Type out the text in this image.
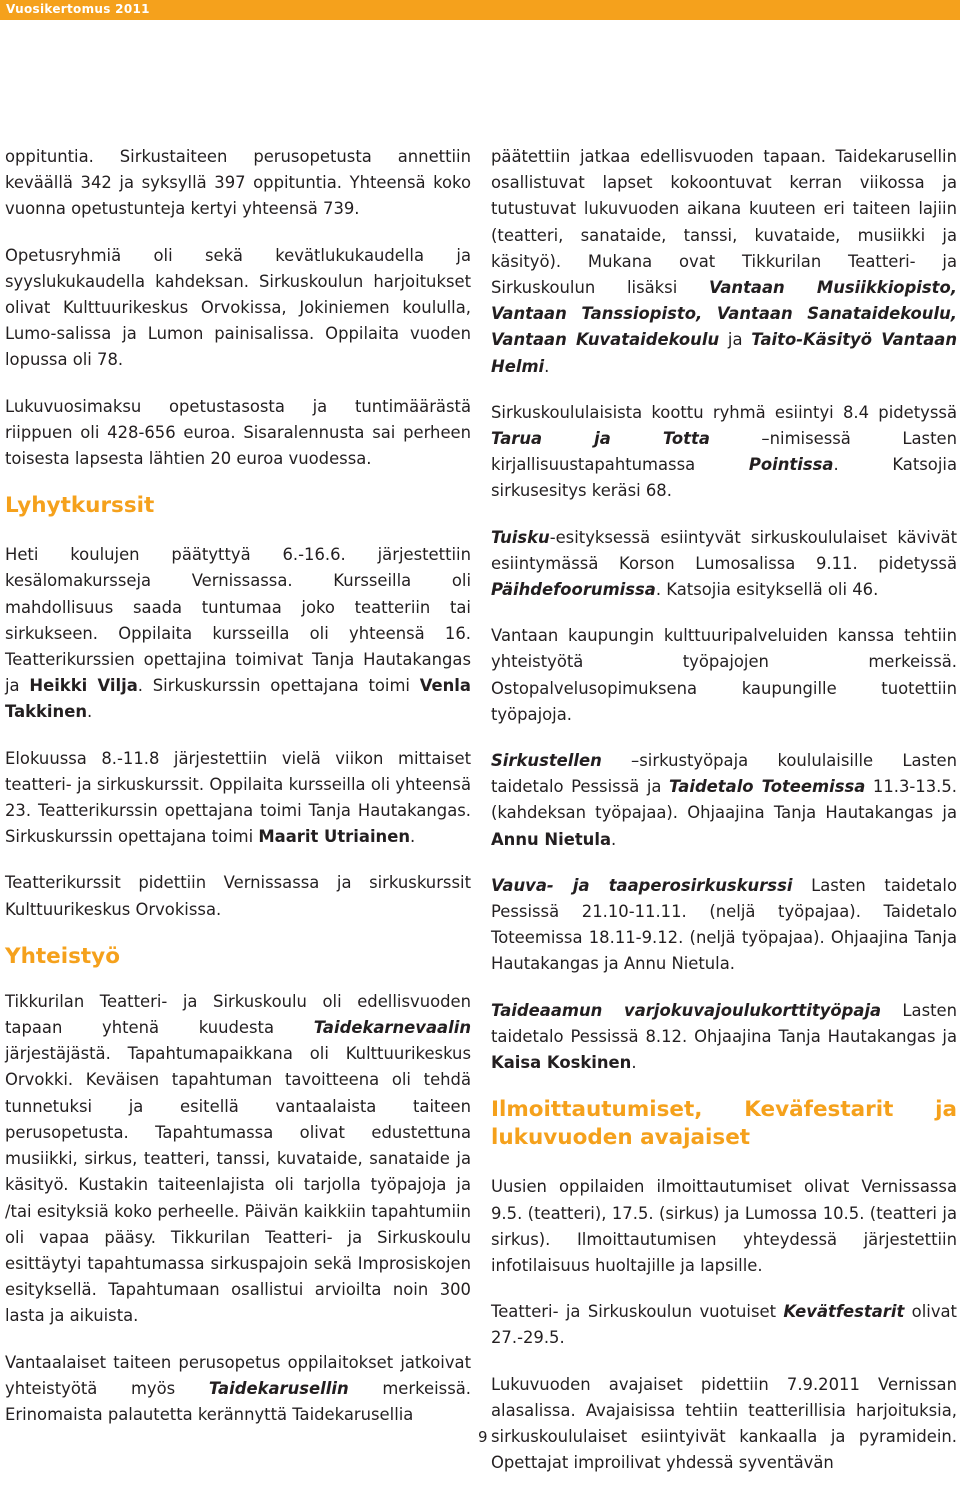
Vuosikertomus 2011

oppituntia. Sirkustaiteen perusopetusta annettiin keväällä 342 ja syksyllä 397 oppituntia. Yhteensä koko vuonna opetustunteja kertyi yhteensä 739.

Opetusryhmiä oli sekä kevätlukukaudella ja syyslukukaudella kahdeksan. Sirkuskoulun harjoitukset olivat Kulttuurikeskus Orvokissa, Jokiniemen koululla, Lumo-salissa ja Lumon painisalissa. Oppilaita vuoden lopussa oli 78.

Lukuvuosimaksu opetustasosta ja tuntimäärästä riippuen oli 428-656 euroa. Sisaralennusta sai perheen toisesta lapsesta lähtien 20 euroa vuodessa.

Lyhytkurssit

Heti koulujen päätyttyä 6.-16.6. järjestettiin kesälomakursseja Vernissassa. Kursseilla oli mahdollisuus saada tuntumaa joko teatteriin tai sirkukseen. Oppilaita kursseilla oli yhteensä 16. Teatterikurssien opettajina toimivat Tanja Hautakangas ja Heikki Vilja. Sirkuskurssin opettajana toimi Venla Takkinen.

Elokuussa 8.-11.8 järjestettiin vielä viikon mittaiset teatteri- ja sirkuskurssit. Oppilaita kursseilla oli yhteensä 23. Teatterikurssin opettajana toimi Tanja Hautakangas. Sirkuskurssin opettajana toimi Maarit Utriainen.

Teatterikurssit pidettiin Vernissassa ja sirkuskurssit Kulttuurikeskus Orvokissa.

Yhteistyö

Tikkurilan Teatteri- ja Sirkuskoulu oli edellisvuoden tapaan yhtenä kuudesta Taidekarnevaalin järjestäjästä. Tapahtumapaikkana oli Kulttuurikeskus Orvokki. Keväisen tapahtuman tavoitteena oli tehdä tunnetuksi ja esitellä vantaalaista taiteen perusopetusta. Tapahtumassa olivat edustettuna musiikki, sirkus, teatteri, tanssi, kuvataide, sanataide ja käsityö. Kustakin taiteenlajista oli tarjolla työpajoja ja /tai esityksiä koko perheelle. Päivän kaikkiin tapahtumiin oli vapaa pääsy. Tikkurilan Teatteri- ja Sirkuskoulu esittäytyi tapahtumassa sirkuspajoin sekä Improsiskojen esityksellä. Tapahtumaan osallistui arvioilta noin 300 lasta ja aikuista.

Vantaalaiset taiteen perusopetus oppilaitokset jatkoivat yhteistyötä myös Taidekarusellin merkeissä. Erinomaista palautetta kerännyttä Taidekarusellia

päätettiin jatkaa edellisvuoden tapaan. Taidekarusellin osallistuvat lapset kokoontuvat kerran viikossa ja tutustuvat lukuvuoden aikana kuuteen eri taiteen lajiin (teatteri, sanataide, tanssi, kuvataide, musiikki ja käsityö). Mukana ovat Tikkurilan Teatteri- ja Sirkuskoulun lisäksi Vantaan Musiikkiopisto, Vantaan Tanssiopisto, Vantaan Sanataidekoulu, Vantaan Kuvataidekoulu ja Taito-Käsityö Vantaan Helmi.

Sirkuskoululaisista koottu ryhmä esiintyi 8.4 pidetyssä Tarua ja Totta –nimisessä Lasten kirjallisuustapahtumassa Pointissa. Katsojia sirkusesitys keräsi 68.

Tuisku-esityksessä esiintyvät sirkuskoululaiset kävivät esiintymässä Korson Lumosalissa 9.11. pidetyssä Päihdefoorumissa. Katsojia esityksellä oli 46.

Vantaan kaupungin kulttuuripalveluiden kanssa tehtiin yhteistyötä työpajojen merkeissä. Ostopalvelusopimuksena kaupungille tuotettiin työpajoja.

Sirkustellen –sirkustyöpaja koululaisille Lasten taidetalo Pessissä ja Taidetalo Toteemissa 11.3-13.5. (kahdeksan työpajaa). Ohjaajina Tanja Hautakangas ja Annu Nietula.

Vauva- ja taaperosirkuskurssi Lasten taidetalo Pessissä 21.10-11.11. (neljä työpajaa). Taidetalo Toteemissa 18.11-9.12. (neljä työpajaa). Ohjaajina Tanja Hautakangas ja Annu Nietula.

Taideaamun varjokuvajoulukorttityöpaja Lasten taidetalo Pessissä 8.12. Ohjaajina Tanja Hautakangas ja Kaisa Koskinen.

Ilmoittautumiset, Keväfestarit ja lukuvuoden avajaiset

Uusien oppilaiden ilmoittautumiset olivat Vernissassa 9.5. (teatteri), 17.5. (sirkus) ja Lumossa 10.5. (teatteri ja sirkus). Ilmoittautumisen yhteydessä järjestettiin infotilaisuus huoltajille ja lapsille.

Teatteri- ja Sirkuskoulun vuotuiset Kevätfestarit olivat 27.-29.5.

Lukuvuoden avajaiset pidettiin 7.9.2011 Vernissan alasalissa. Avajaisissa tehtiin teatterillisia harjoituksia, sirkuskoululaiset esiintyivät kankaalla ja pyramidein. Opettajat improilivat yhdessä syventävän

9
